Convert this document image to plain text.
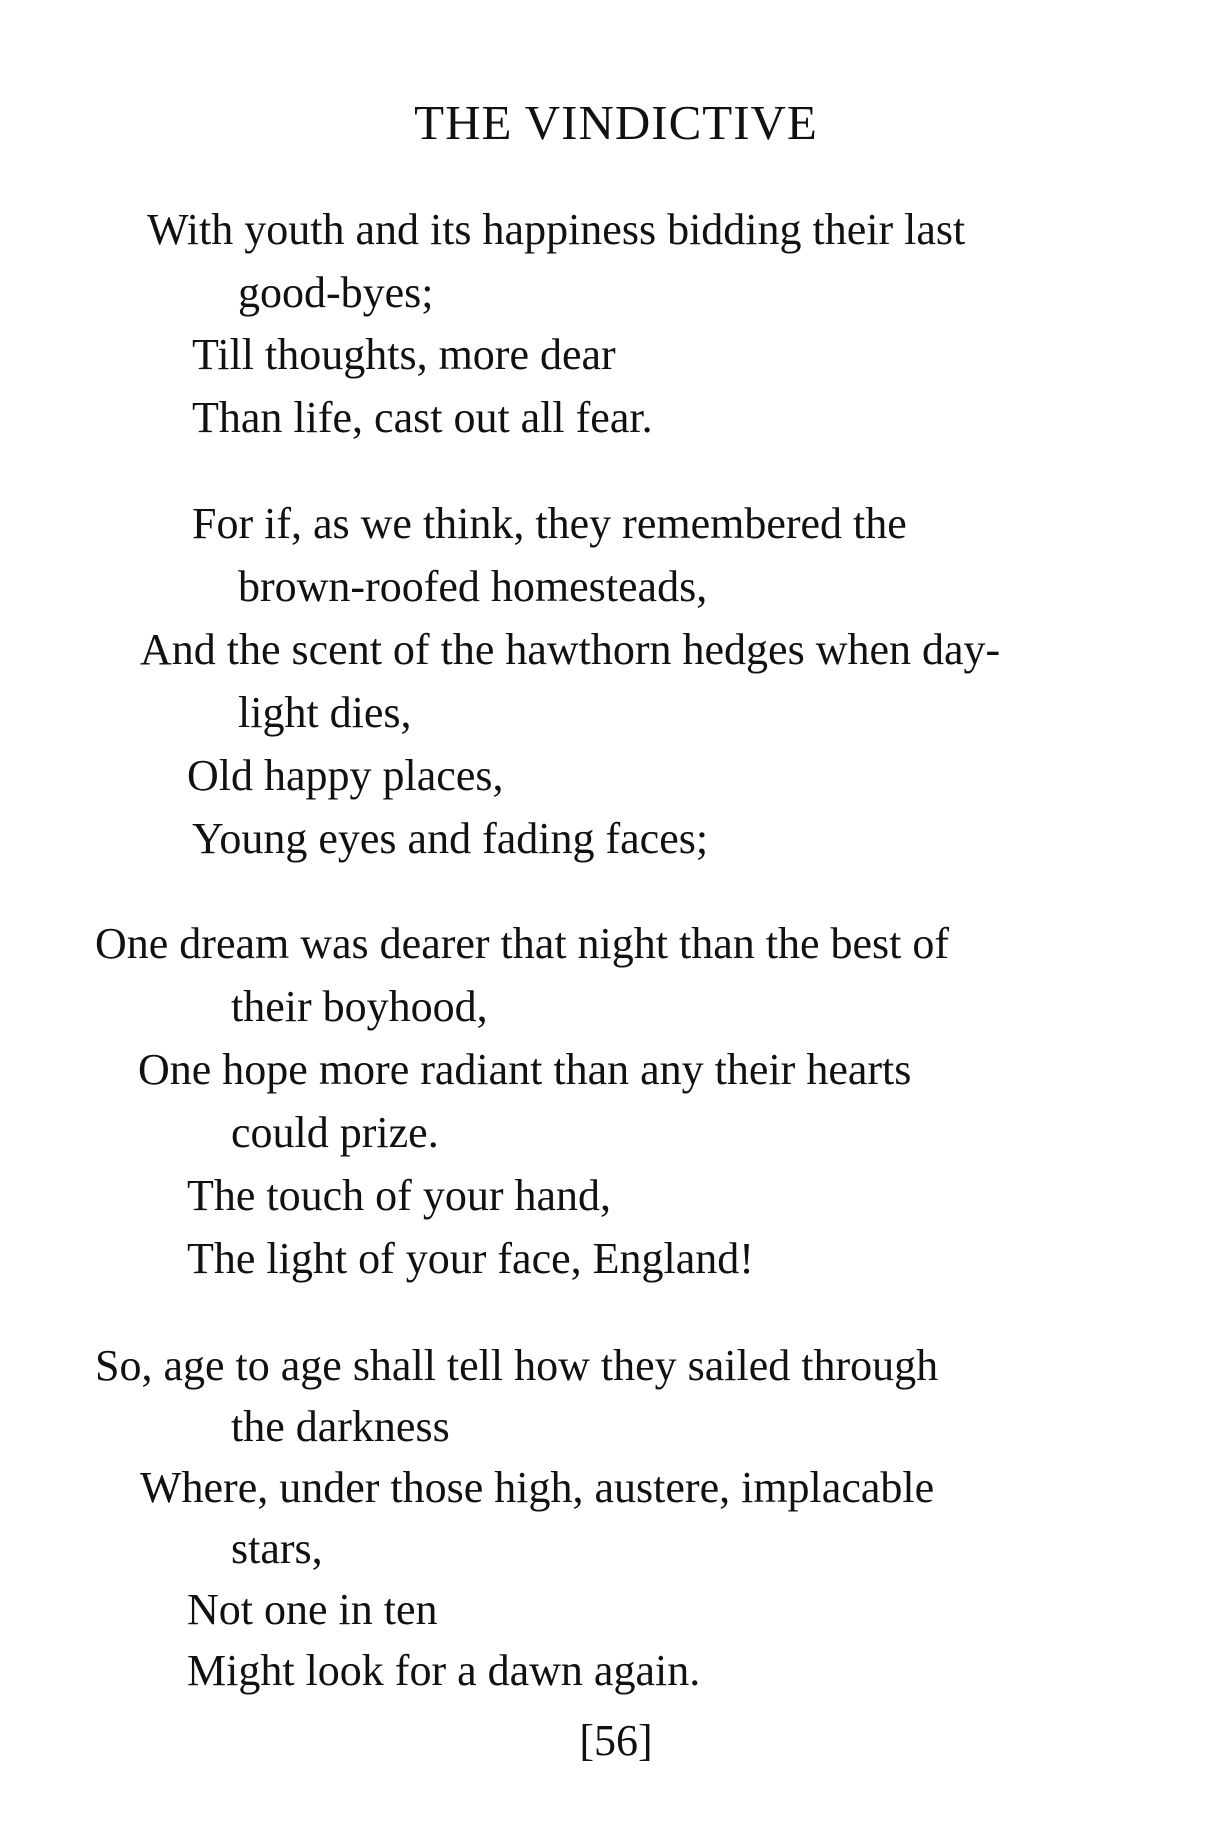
THE VINDICTIVE
With youth and its happiness bidding their last
good-byes;
Till thoughts, more dear
Than life, cast out all fear.
For if, as we think, they remembered the
brown-roofed homesteads,
And the scent of the hawthorn hedges when day-
light dies,
Old happy places,
Young eyes and fading faces;
One dream was dearer that night than the best of
their boyhood,
One hope more radiant than any their hearts
could prize.
The touch of your hand,
The light of your face, England!
So, age to age shall tell how they sailed through
the darkness
Where, under those high, austere, implacable
stars,
Not one in ten
Might look for a dawn again.
[56]
